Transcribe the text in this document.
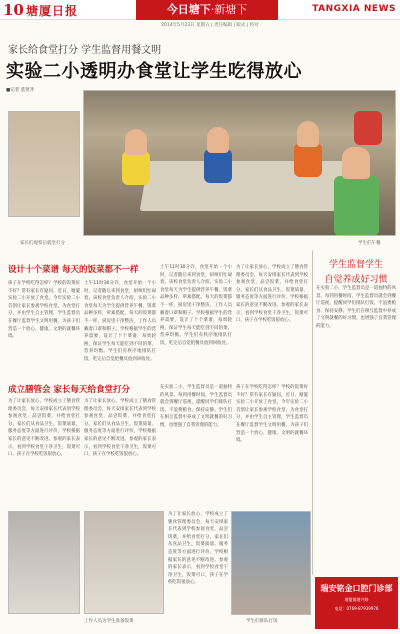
10 塘厦日报	今日塘下·新塘下	TANGXIA NEWS
2014年5月23日 星期五 | 责任编辑 | 版式 | 校对
家长给食堂打分 学生监督用餐文明
实验二小透明办食堂让学生吃得放心
■记者 莫贤齐
学生们午餐
家长们观察后就堂打分
设计十个菜谱 每天的饭菜都不一样
孩子在学校吃得怎样？学校的饭菜好不好？常有家长有疑问，近日，塘厦实验二小开放了食堂。今年实验二小首创让家长参观学校食堂，为食堂打分，并由学生自主管理，学生监督员在餐厅监督学生文明用餐，为孩子们营造一个放心、健康、文明的就餐环境。
上午11时30分许，食堂开始一个小时，记者随后来到食堂，厨师们忙碌着。该校食堂负责人介绍，实验二小食堂每天为学生提供营养午餐，饭菜品种多样，荤素搭配，每天的饭菜都不一样，厨房里干净整洁，工作人员戴着口罩和帽子。学校根据学生的营养需要，设计了十个菜谱，每周轮换，保证学生每天能吃到不同的菜，营养均衡。学生们有秩序地排队打饭，吃完后自觉把餐具放到回收处。
上午11时30分许，食堂开始一个小时，记者随后来到食堂，厨师们忙碌着。该校食堂负责人介绍，实验二小食堂每天为学生提供营养午餐，饭菜品种多样，荤素搭配，每天的饭菜都不一样，厨房里干净整洁，工作人员戴着口罩和帽子。学校根据学生的营养需要，设计了十个菜谱，每周轮换，保证学生每天能吃到不同的菜，营养均衡。学生们有秩序地排队打饭，吃完后自觉把餐具放到回收处。
为了让家长放心，学校成立了膳食管理委员会，每天安排家长代表到学校参观食堂，品尝饭菜，并给食堂打分。家长们从食品卫生、饭菜质量、服务态度等方面进行评价，学校根据家长的意见不断改进。参观的家长表示，看到学校食堂干净卫生，饭菜可口，孩子在学校吃饭很放心。
成立膳管会 家长每天给食堂打分
为了让家长放心，学校成立了膳食管理委员会，每天安排家长代表到学校参观食堂，品尝饭菜，并给食堂打分。家长们从食品卫生、饭菜质量、服务态度等方面进行评价，学校根据家长的意见不断改进。参观的家长表示，看到学校食堂干净卫生，饭菜可口，孩子在学校吃饭很放心。
为了让家长放心，学校成立了膳食管理委员会，每天安排家长代表到学校参观食堂，品尝饭菜，并给食堂打分。家长们从食品卫生、饭菜质量、服务态度等方面进行评价，学校根据家长的意见不断改进。参观的家长表示，看到学校食堂干净卫生，饭菜可口，孩子在学校吃饭很放心。
在实验二小，学生监督员是一道独特的风景。每到用餐时间，学生监督员就会到餐厅巡视，提醒同学们排队打饭、不浪费粮食、保持安静。学生们在相互监督中养成了文明就餐的好习惯，也增强了自我管理的能力。
孩子在学校吃得怎样？学校的饭菜好不好？常有家长有疑问，近日，塘厦实验二小开放了食堂。今年实验二小首创让家长参观学校食堂，为食堂打分，并由学生自主管理，学生监督员在餐厅监督学生文明用餐，为孩子们营造一个放心、健康、文明的就餐环境。
学生监督学生
自觉养成好习惯
在实验二小，学生监督员是一道独特的风景。每到用餐时间，学生监督员就会到餐厅巡视，提醒同学们排队打饭、不浪费粮食、保持安静。学生们在相互监督中养成了文明就餐的好习惯，也增强了自我管理的能力。
为了让家长放心，学校成立了膳食管理委员会，每天安排家长代表到学校参观食堂，品尝饭菜，并给食堂打分。家长们从食品卫生、饭菜质量、服务态度等方面进行评价，学校根据家长的意见不断改进。参观的家长表示，看到学校食堂干净卫生，饭菜可口，孩子在学校吃饭很放心。
工作人员为学生准备饭菜	学生们排队打饭
瑞安铭金口腔门诊部
塘厦镇塘兴路
电话：0769-87939976
